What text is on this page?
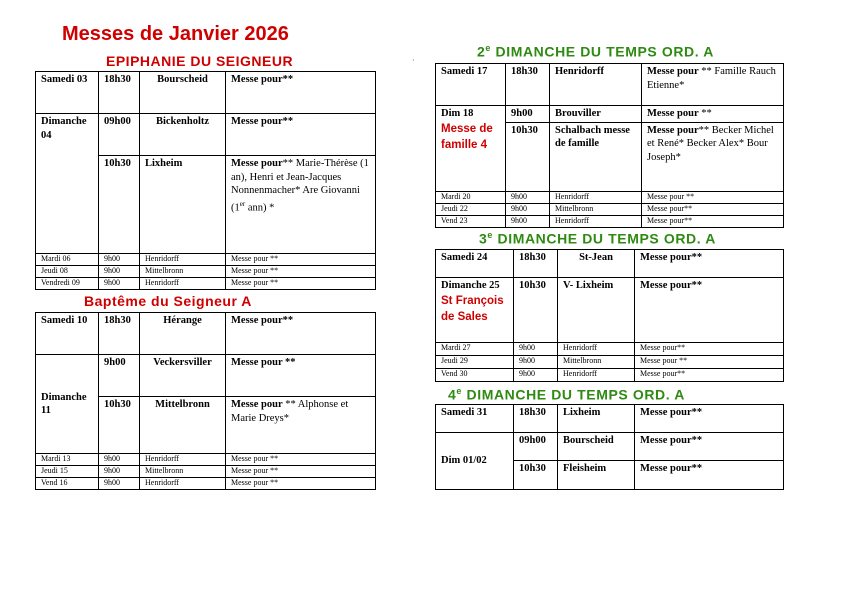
Messes de Janvier 2026
·
EPIPHANIE DU SEIGNEUR
Samedi 03	18h30	Bourscheid	Messe pour**
Dimanche 04	09h00	Bickenholtz	Messe pour**
	10h30	Lixheim	Messe pour** Marie-Thérèse (1 an), Henri et Jean-Jacques Nonnenmacher* Are Giovanni (1er ann) *
Mardi 06	9h00	Henridorff	Messe pour **
Jeudi 08	9h00	Mittelbronn	Messe pour **
Vendredi 09	9h00	Henridorff	Messe pour **
Baptême du Seigneur A
Samedi 10	18h30	Hérange	Messe pour**
Dimanche 11	9h00	Veckersviller	Messe pour **
	10h30	Mittelbronn	Messe pour ** Alphonse et Marie Dreys*
Mardi 13	9h00	Henridorff	Messe pour **
Jeudi 15	9h00	Mittelbronn	Messe pour **
Vend 16	9h00	Henridorff	Messe pour **
2e DIMANCHE DU TEMPS ORD. A
Samedi 17	18h30	Henridorff	Messe pour ** Famille Rauch Etienne*

Dim 18
Messe de famille 4	9h00	Brouviller	Messe pour **
	10h30	Schalbach messe de famille	Messe pour** Becker Michel et René* Becker Alex* Bour Joseph*
Mardi 20	9h00	Henridorff	Messe pour **
Jeudi 22	9h00	Mittelbronn	Messe pour**
Vend 23	9h00	Henridorff	Messe pour**
3e DIMANCHE DU TEMPS ORD. A
Samedi 24	18h30	St-Jean	Messe pour**

Dimanche 25
St François de Sales	10h30	V- Lixheim	Messe pour**
Mardi 27	9h00	Henridorff	Messe pour**
Jeudi 29	9h00	Mittelbronn	Messe pour **
Vend 30	9h00	Henridorff	Messe pour**
4e DIMANCHE DU TEMPS ORD. A
Samedi 31	18h30	Lixheim	Messe pour**
Dim 01/02	09h00	Bourscheid	Messe pour**
	10h30	Fleisheim	Messe pour**
